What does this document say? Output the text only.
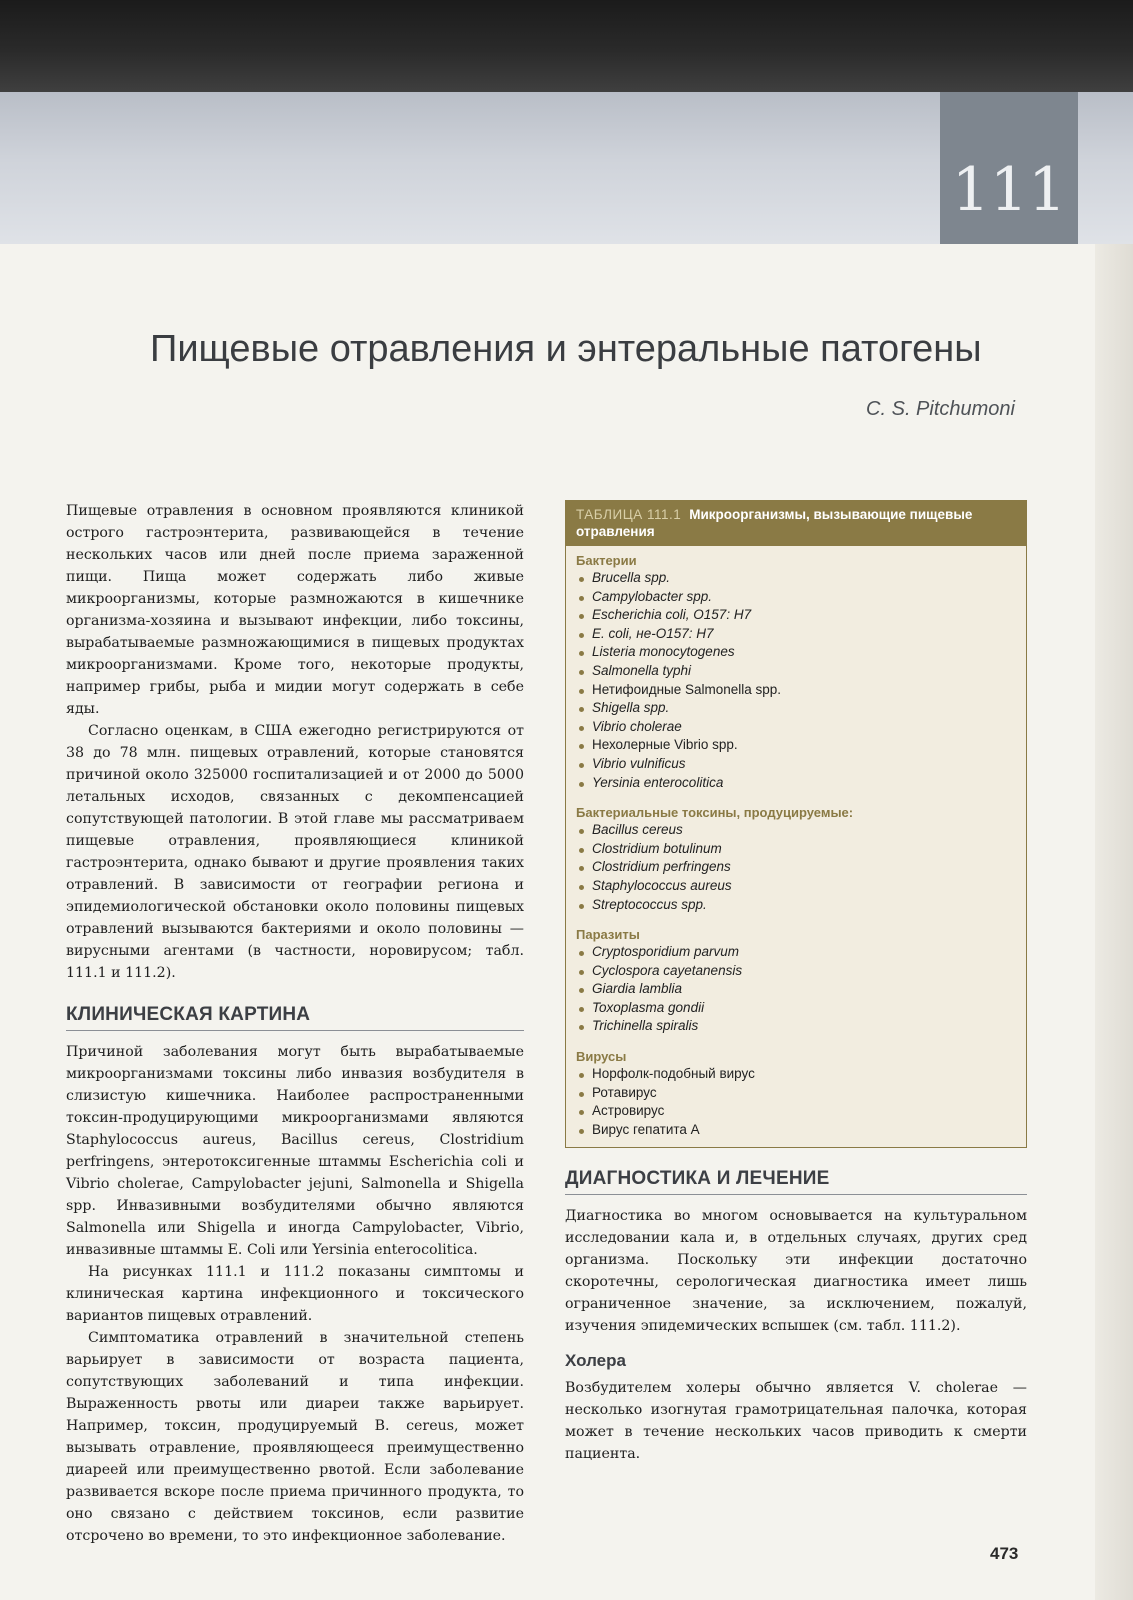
111
Пищевые отравления и энтеральные патогены
C. S. Pitchumoni

Пищевые отравления в основном проявляются клиникой острого гастроэнтерита, развивающейся в течение нескольких часов или дней после приема зараженной пищи. Пища может содержать либо живые микроорганизмы, которые размножаются в кишечнике организма-хозяина и вызывают инфекции, либо токсины, вырабатываемые размножающимися в пищевых продуктах микроорганизмами. Кроме того, некоторые продукты, например грибы, рыба и мидии могут содержать в себе яды.

Согласно оценкам, в США ежегодно регистрируются от 38 до 78 млн. пищевых отравлений, которые становятся причиной около 325000 госпитализацией и от 2000 до 5000 летальных исходов, связанных с декомпенсацией сопутствующей патологии. В этой главе мы рассматриваем пищевые отравления, проявляющиеся клиникой гастроэнтерита, однако бывают и другие проявления таких отравлений. В зависимости от географии региона и эпидемиологической обстановки около половины пищевых отравлений вызываются бактериями и около половины — вирусными агентами (в частности, норовирусом; табл. 111.1 и 111.2).

КЛИНИЧЕСКАЯ КАРТИНА

Причиной заболевания могут быть вырабатываемые микроорганизмами токсины либо инвазия возбудителя в слизистую кишечника. Наиболее распространенными токсин-продуцирующими микроорганизмами являются Staphylococcus aureus, Bacillus cereus, Clostridium perfringens, энтеротоксигенные штаммы Escherichia coli и Vibrio cholerae, Campylobacter jejuni, Salmonella и Shigella spp. Инвазивными возбудителями обычно являются Salmonella или Shigella и иногда Campylobacter, Vibrio, инвазивные штаммы E. Coli или Yersinia enterocolitica.

На рисунках 111.1 и 111.2 показаны симптомы и клиническая картина инфекционного и токсического вариантов пищевых отравлений.

Симптоматика отравлений в значительной степень варьирует в зависимости от возраста пациента, сопутствующих заболеваний и типа инфекции. Выраженность рвоты или диареи также варьирует. Например, токсин, продуцируемый B. cereus, может вызывать отравление, проявляющееся преимущественно диареей или преимущественно рвотой. Если заболевание развивается вскоре после приема причинного продукта, то оно связано с действием токсинов, если развитие отсрочено во времени, то это инфекционное заболевание.

ТАБЛИЦА 111.1 Микроорганизмы, вызывающие пищевые отравления
Бактерии
Brucella spp.
Campylobacter spp.
Escherichia coli, O157: H7
E. coli, не-O157: H7
Listeria monocytogenes
Salmonella typhi
Нетифоидные Salmonella spp.
Shigella spp.
Vibrio cholerae
Нехолерные Vibrio spp.
Vibrio vulnificus
Yersinia enterocolitica
Бактериальные токсины, продуцируемые:
Bacillus cereus
Clostridium botulinum
Clostridium perfringens
Staphylococcus aureus
Streptococcus spp.
Паразиты
Cryptosporidium parvum
Cyclospora cayetanensis
Giardia lamblia
Toxoplasma gondii
Trichinella spiralis
Вирусы
Норфолк-подобный вирус
Ротавирус
Астровирус
Вирус гепатита А
ДИАГНОСТИКА И ЛЕЧЕНИЕ

Диагностика во многом основывается на культуральном исследовании кала и, в отдельных случаях, других сред организма. Поскольку эти инфекции достаточно скоротечны, серологическая диагностика имеет лишь ограниченное значение, за исключением, пожалуй, изучения эпидемических вспышек (см. табл. 111.2).

Холера

Возбудителем холеры обычно является V. cholerae — несколько изогнутая грамотрицательная палочка, которая может в течение нескольких часов приводить к смерти пациента.

473
